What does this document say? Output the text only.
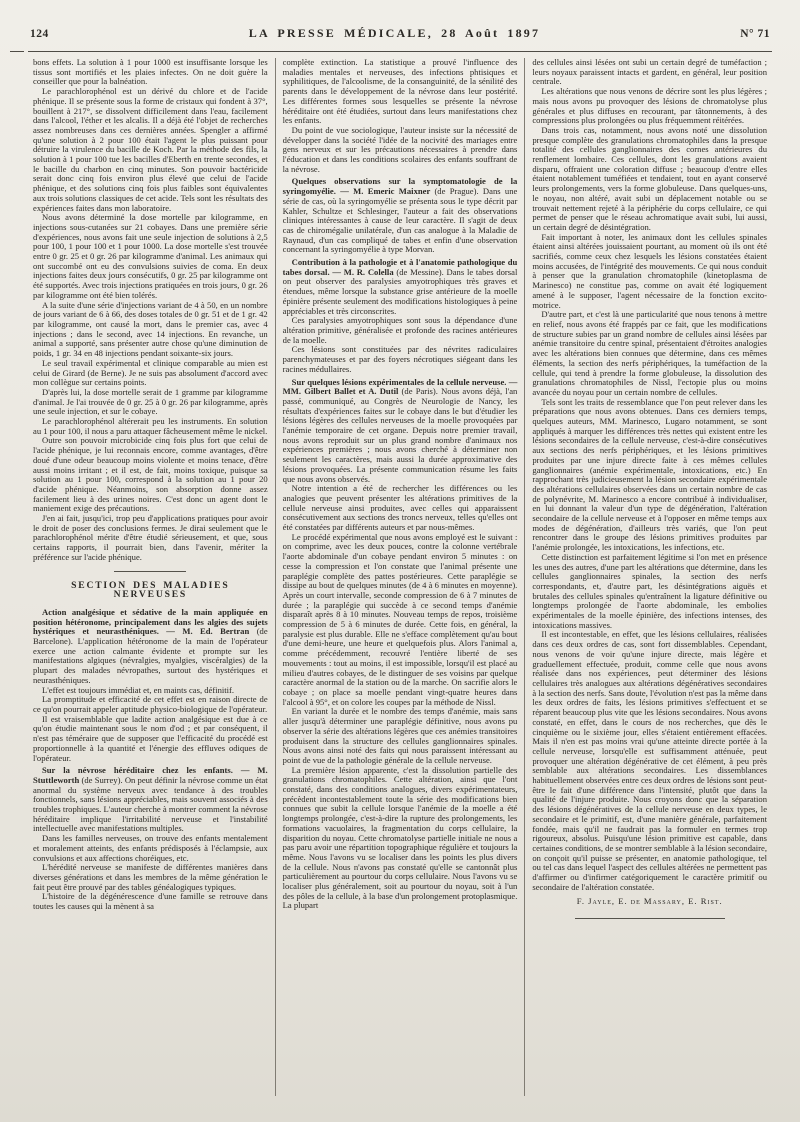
124	LA PRESSE MÉDICALE, 28 Août 1897	N° 71

bons effets. La solution à 1 pour 1000 est insuffisante lorsque les tissus sont mortifiés et les plaies infectes. On ne doit guère la conseiller que pour la balnéation.

Le parachlorophénol est un dérivé du chlore et de l'acide phénique. Il se présente sous la forme de cristaux qui fondent à 37°, bouillent à 217°, se dissolvent difficilement dans l'eau, facilement dans l'alcool, l'éther et les alcalis. Il a déjà été l'objet de recherches assez nombreuses dans ces dernières années. Spengler a affirmé qu'une solution à 2 pour 100 était l'agent le plus puissant pour détruire la virulence du bacille de Koch. Par la méthode des fils, la solution à 1 pour 100 tue les bacilles d'Eberth en trente secondes, et le bacille du charbon en cinq minutes. Son pouvoir bactéricide serait donc cinq fois environ plus élevé que celui de l'acide phénique, et des solutions cinq fois plus faibles sont équivalentes aux trois solutions classiques de cet acide. Tels sont les résultats des expériences faites dans mon laboratoire.

Nous avons déterminé la dose mortelle par kilogramme, en injections sous-cutanées sur 21 cobayes. Dans une première série d'expériences, nous avons fait une seule injection de solutions à 2,5 pour 100, 1 pour 100 et 1 pour 1000. La dose mortelle s'est trouvée entre 0 gr. 25 et 0 gr. 26 par kilogramme d'animal. Les animaux qui ont succombé ont eu des convulsions suivies de coma. En deux injections faites deux jours consécutifs, 0 gr. 25 par kilogramme ont été supportés. Avec trois injections pratiquées en trois jours, 0 gr. 26 par kilogramme ont été bien tolérés.

A la suite d'une série d'injections variant de 4 à 50, en un nombre de jours variant de 6 à 66, des doses totales de 0 gr. 51 et de 1 gr. 42 par kilogramme, ont causé la mort, dans le premier cas, avec 4 injections ; dans le second, avec 14 injections. En revanche, un animal a supporté, sans présenter autre chose qu'une diminution de poids, 1 gr. 34 en 48 injections pendant soixante-six jours.

Le seul travail expérimental et clinique comparable au mien est celui de Girard (de Berne). Je ne suis pas absolument d'accord avec mon collègue sur certains points.

D'après lui, la dose mortelle serait de 1 gramme par kilogramme d'animal. Je l'ai trouvée de 0 gr. 25 à 0 gr. 26 par kilogramme, après une seule injection, et sur le cobaye.

Le parachlorophénol altérerait peu les instruments. En solution au 1 pour 100, il nous a paru attaquer fâcheusement même le nickel.

Outre son pouvoir microbicide cinq fois plus fort que celui de l'acide phénique, je lui reconnais encore, comme avantages, d'être doué d'une odeur beaucoup moins violente et moins tenace, d'être aussi moins irritant ; et il est, de fait, moins toxique, puisque sa solution au 1 pour 100, correspond à la solution au 1 pour 20 d'acide phénique. Néanmoins, son absorption donne assez facilement lieu à des urines noires. C'est donc un agent dont le maniement exige des précautions.

J'en ai fait, jusqu'ici, trop peu d'applications pratiques pour avoir le droit de poser des conclusions fermes. Je dirai seulement que le parachlorophénol mérite d'être étudié sérieusement, et que, sous certains rapports, il pourrait bien, dans l'avenir, mériter la préférence sur l'acide phénique.

SECTION DES MALADIES NERVEUSES

Action analgésique et sédative de la main appliquée en position hétéronome, principalement dans les algies des sujets hystériques et neurasthéniques. — M. Ed. Bertran (de Barcelone). L'application hétéronome de la main de l'opérateur exerce une action calmante évidente et prompte sur les manifestations algiques (névralgies, myalgies, viscéralgies) de la plupart des malades névropathes, surtout des hystériques et neurasthéniques.

L'effet est toujours immédiat et, en maints cas, définitif.

La promptitude et efficacité de cet effet est en raison directe de ce qu'on pourrait appeler aptitude physico-biologique de l'opérateur.

Il est vraisemblable que ladite action analgésique est due à ce qu'on étudie maintenant sous le nom d'od ; et par conséquent, il n'est pas téméraire que de supposer que l'efficacité du procédé est proportionnelle à la quantité et l'énergie des effluves odiques de l'opérateur.

Sur la névrose héréditaire chez les enfants. — M. Stuttleworth (de Surrey). On peut définir la névrose comme un état anormal du système nerveux avec tendance à des troubles fonctionnels, sans lésions appréciables, mais souvent associés à des troubles trophiques. L'auteur cherche à montrer comment la névrose héréditaire implique l'irritabilité nerveuse et l'instabilité intellectuelle avec manifestations multiples.

Dans les familles nerveuses, on trouve des enfants mentalement et moralement atteints, des enfants prédisposés à l'éclampsie, aux convulsions et aux affections choréiques, etc.

L'hérédité nerveuse se manifeste de différentes manières dans diverses générations et dans les membres de la même génération le fait peut être prouvé par des tables généalogiques typiques.

L'histoire de la dégénérescence d'une famille se retrouve dans toutes les causes qui la mènent à sa

complète extinction. La statistique a prouvé l'influence des maladies mentales et nerveuses, des infections phtisiques et syphilitiques, de l'alcoolisme, de la consanguinité, de la sénilité des parents dans le développement de la névrose dans leur postérité. Les différentes formes sous lesquelles se présente la névrose héréditaire ont été étudiées, surtout dans leurs manifestations chez les enfants.

Du point de vue sociologique, l'auteur insiste sur la nécessité de développer dans la société l'idée de la nocivité des mariages entre gens nerveux et sur les précautions nécessaires à prendre dans l'éducation et dans les conditions scolaires des enfants souffrant de la névrose.

Quelques observations sur la symptomatologie de la syringomyélie. — M. Emeric Maixner (de Prague). Dans une série de cas, où la syringomyélie se présenta sous le type décrit par Kahler, Schultze et Schlesinger, l'auteur a fait des observations cliniques intéressantes à cause de leur caractère. Il s'agit de deux cas de chiromégalie unilatérale, d'un cas analogue à la Maladie de Raynaud, d'un cas compliqué de tabes et enfin d'une observation concernant la syringomyélie à type Morvan.

Contribution à la pathologie et à l'anatomie pathologique du tabes dorsal. — M. R. Colella (de Messine). Dans le tabes dorsal on peut observer des paralysies amyotrophiques très graves et étendues, même lorsque la substance grise antérieure de la moelle épinière présente seulement des modifications histologiques à peine appréciables et très circonscrites.

Ces paralysies amyotrophiques sont sous la dépendance d'une altération primitive, généralisée et profonde des racines antérieures de la moelle.

Ces lésions sont constituées par des névrites radiculaires parenchymateuses et par des foyers nécrotiques siégeant dans les racines médullaires.

Sur quelques lésions expérimentales de la cellule nerveuse. — MM. Gilbert Ballet et A. Dutil (de Paris). Nous avons déjà, l'an passé, communiqué, au Congrès de Neurologie de Nancy, les résultats d'expériences faites sur le cobaye dans le but d'étudier les lésions légères des cellules nerveuses de la moelle provoquées par l'anémie temporaire de cet organe. Depuis notre premier travail, nous avons reproduit sur un plus grand nombre d'animaux nos expériences premières ; nous avons cherché à déterminer non seulement les caractères, mais aussi la durée approximative des lésions provoquées. La présente communication résume les faits que nous avons observés.

Notre intention a été de rechercher les différences ou les analogies que peuvent présenter les altérations primitives de la cellule nerveuse ainsi produites, avec celles qui apparaissent consécutivement aux sections des troncs nerveux, telles qu'elles ont été constatées par différents auteurs et par nous-mêmes.

Le procédé expérimental que nous avons employé est le suivant : on comprime, avec les deux pouces, contre la colonne vertébrale l'aorte abdominale d'un cobaye pendant environ 5 minutes : on cesse la compression et l'on constate que l'animal présente une paraplégie complète des pattes postérieures. Cette paraplégie se dissipe au bout de quelques minutes (de 4 à 6 minutes en moyenne). Après un court intervalle, seconde compression de 6 à 7 minutes de durée ; la paraplégie qui succède à ce second temps d'anémie disparaît après 8 à 10 minutes. Nouveau temps de repos, troisième compression de 5 à 6 minutes de durée. Cette fois, en général, la paralysie est plus durable. Elle ne s'efface complètement qu'au bout d'une demi-heure, une heure et quelquefois plus. Alors l'animal a, comme précédemment, recouvré l'entière liberté de ses mouvements : tout au moins, il est impossible, lorsqu'il est placé au milieu d'autres cobayes, de le distinguer de ses voisins par quelque caractère anormal de la station ou de la marche. On sacrifie alors le cobaye ; on place sa moelle pendant vingt-quatre heures dans l'alcool à 95°, et on colore les coupes par la méthode de Nissl.

En variant la durée et le nombre des temps d'anémie, mais sans aller jusqu'à déterminer une paraplégie définitive, nous avons pu observer la série des altérations légères que ces anémies transitoires produisent dans la structure des cellules ganglionnaires spinales. Nous avons ainsi noté des faits qui nous paraissent intéressant au point de vue de la pathologie générale de la cellule nerveuse.

La première lésion apparente, c'est la dissolution partielle des granulations chromatophiles. Cette altération, ainsi que l'ont constaté, dans des conditions analogues, divers expérimentateurs, précèdent incontestablement toute la série des modifications bien connues que subit la cellule lorsque l'anémie de la moelle a été longtemps prolongée, c'est-à-dire la rupture des prolongements, les formations vacuolaires, la fragmentation du corps cellulaire, la disparition du noyau. Cette chromatolyse partielle initiale ne nous a pas paru avoir une répartition topographique régulière et toujours la même. Nous l'avons vu se localiser dans les points les plus divers de la cellule. Nous n'avons pas constaté qu'elle se cantonnât plus particulièrement au pourtour du corps cellulaire. Nous l'avons vu se localiser plus généralement, soit au pourtour du noyau, soit à l'un des pôles de la cellule, à la base d'un prolongement protoplasmique. La plupart

des cellules ainsi lésées ont subi un certain degré de tuméfaction ; leurs noyaux paraissent intacts et gardent, en général, leur position centrale.

Les altérations que nous venons de décrire sont les plus légères ; mais nous avons pu provoquer des lésions de chromatolyse plus générales et plus diffuses en recourant, par tâtonnements, à des compressions plus prolongées ou plus fréquemment réitérées.

Dans trois cas, notamment, nous avons noté une dissolution presque complète des granulations chromatophiles dans la presque totalité des cellules ganglionnaires des cornes antérieures du renflement lombaire. Ces cellules, dont les granulations avaient disparu, offraient une coloration diffuse ; beaucoup d'entre elles étaient notablement tuméfiées et tendaient, tout en ayant conservé leurs prolongements, vers la forme globuleuse. Dans quelques-uns, le noyau, non altéré, avait subi un déplacement notable ou se trouvait nettement rejeté à la périphérie du corps cellulaire, ce qui permet de penser que le réseau achromatique avait subi, lui aussi, un certain degré de désintégration.

Fait important à noter, les animaux dont les cellules spinales étaient ainsi altérées jouissaient pourtant, au moment où ils ont été sacrifiés, comme ceux chez lesquels les lésions constatées étaient moins accusées, de l'intégrité des mouvements. Ce qui nous conduit à penser que la granulation chromatophile (kinetoplasma de Marinesco) ne constitue pas, comme on avait été logiquement amené à le supposer, l'agent nécessaire de la fonction excito-motrice.

D'autre part, et c'est là une particularité que nous tenons à mettre en relief, nous avons été frappés par ce fait, que les modifications de structure subies par un grand nombre de cellules ainsi lésées par anémie transitoire du centre spinal, présentaient d'étroites analogies avec les altérations bien connues que détermine, dans ces mêmes éléments, la section des nerfs périphériques, la tuméfaction de la cellule, qui tend à prendre la forme globuleuse, la dissolution des granulations chromatophiles de Nissl, l'ectopie plus ou moins avancée du noyau pour un certain nombre de cellules.

Tels sont les traits de ressemblance que l'on peut relever dans les préparations que nous avons obtenues. Dans ces derniers temps, quelques auteurs, MM. Marinesco, Lugaro notamment, se sont appliqués à marquer les différences très nettes qui existent entre les lésions secondaires de la cellule nerveuse, c'est-à-dire consécutives aux sections des nerfs périphériques, et les lésions primitives produites par une injure directe faite à ces mêmes cellules ganglionnaires (anémie expérimentale, intoxications, etc.) En rapprochant très judicieusement la lésion secondaire expérimentale des altérations cellulaires observées dans un certain nombre de cas de polynévrite, M. Marinesco a encore contribué à individualiser, en lui donnant la valeur d'un type de dégénération, l'altération secondaire de la cellule nerveuse et à l'opposer en même temps aux modes de dégénération, d'ailleurs très variés, que l'on peut rencontrer dans le groupe des lésions primitives produites par l'anémie prolongée, les intoxications, les infections, etc.

Cette distinction est parfaitement légitime si l'on met en présence les unes des autres, d'une part les altérations que détermine, dans les cellules ganglionnaires spinales, la section des nerfs correspondants, et, d'autre part, les désintégrations aiguës et brutales des cellules spinales qu'entraînent la ligature définitive ou longtemps prolongée de l'aorte abdominale, les embolies expérimentales de la moelle épinière, des infections intenses, des intoxications massives.

Il est incontestable, en effet, que les lésions cellulaires, réalisées dans ces deux ordres de cas, sont fort dissemblables. Cependant, nous venons de voir qu'une injure directe, mais légère et graduellement effectuée, produit, comme celle que nous avons réalisée dans nos expériences, peut déterminer des lésions cellulaires très analogues aux altérations dégénératives secondaires à la section des nerfs. Sans doute, l'évolution n'est pas la même dans les deux ordres de faits, les lésions primitives s'effectuent et se réparent beaucoup plus vite que les lésions secondaires. Nous avons constaté, en effet, dans le cours de nos recherches, que dès le cinquième ou le sixième jour, elles s'étaient entièrement effacées. Mais il n'en est pas moins vrai qu'une atteinte directe portée à la cellule nerveuse, lorsqu'elle est suffisamment atténuée, peut provoquer une altération dégénérative de cet élément, à peu près semblable aux altérations secondaires. Les dissemblances habituellement observées entre ces deux ordres de lésions sont peut-être le fait d'une différence dans l'intensité, plutôt que dans la qualité de l'injure produite. Nous croyons donc que la séparation des lésions dégénératives de la cellule nerveuse en deux types, le secondaire et le primitif, est, d'une manière générale, parfaitement fondée, mais qu'il ne faudrait pas la formuler en termes trop rigoureux, absolus. Puisqu'une lésion primitive est capable, dans certaines conditions, de se montrer semblable à la lésion secondaire, on conçoit qu'il puisse se présenter, en anatomie pathologique, tel ou tel cas dans lequel l'aspect des cellules altérées ne permettent pas d'affirmer ou d'infirmer catégoriquement le caractère primitif ou secondaire de l'altération constatée.

F. Jayle, E. de Massary, E. Rist.
